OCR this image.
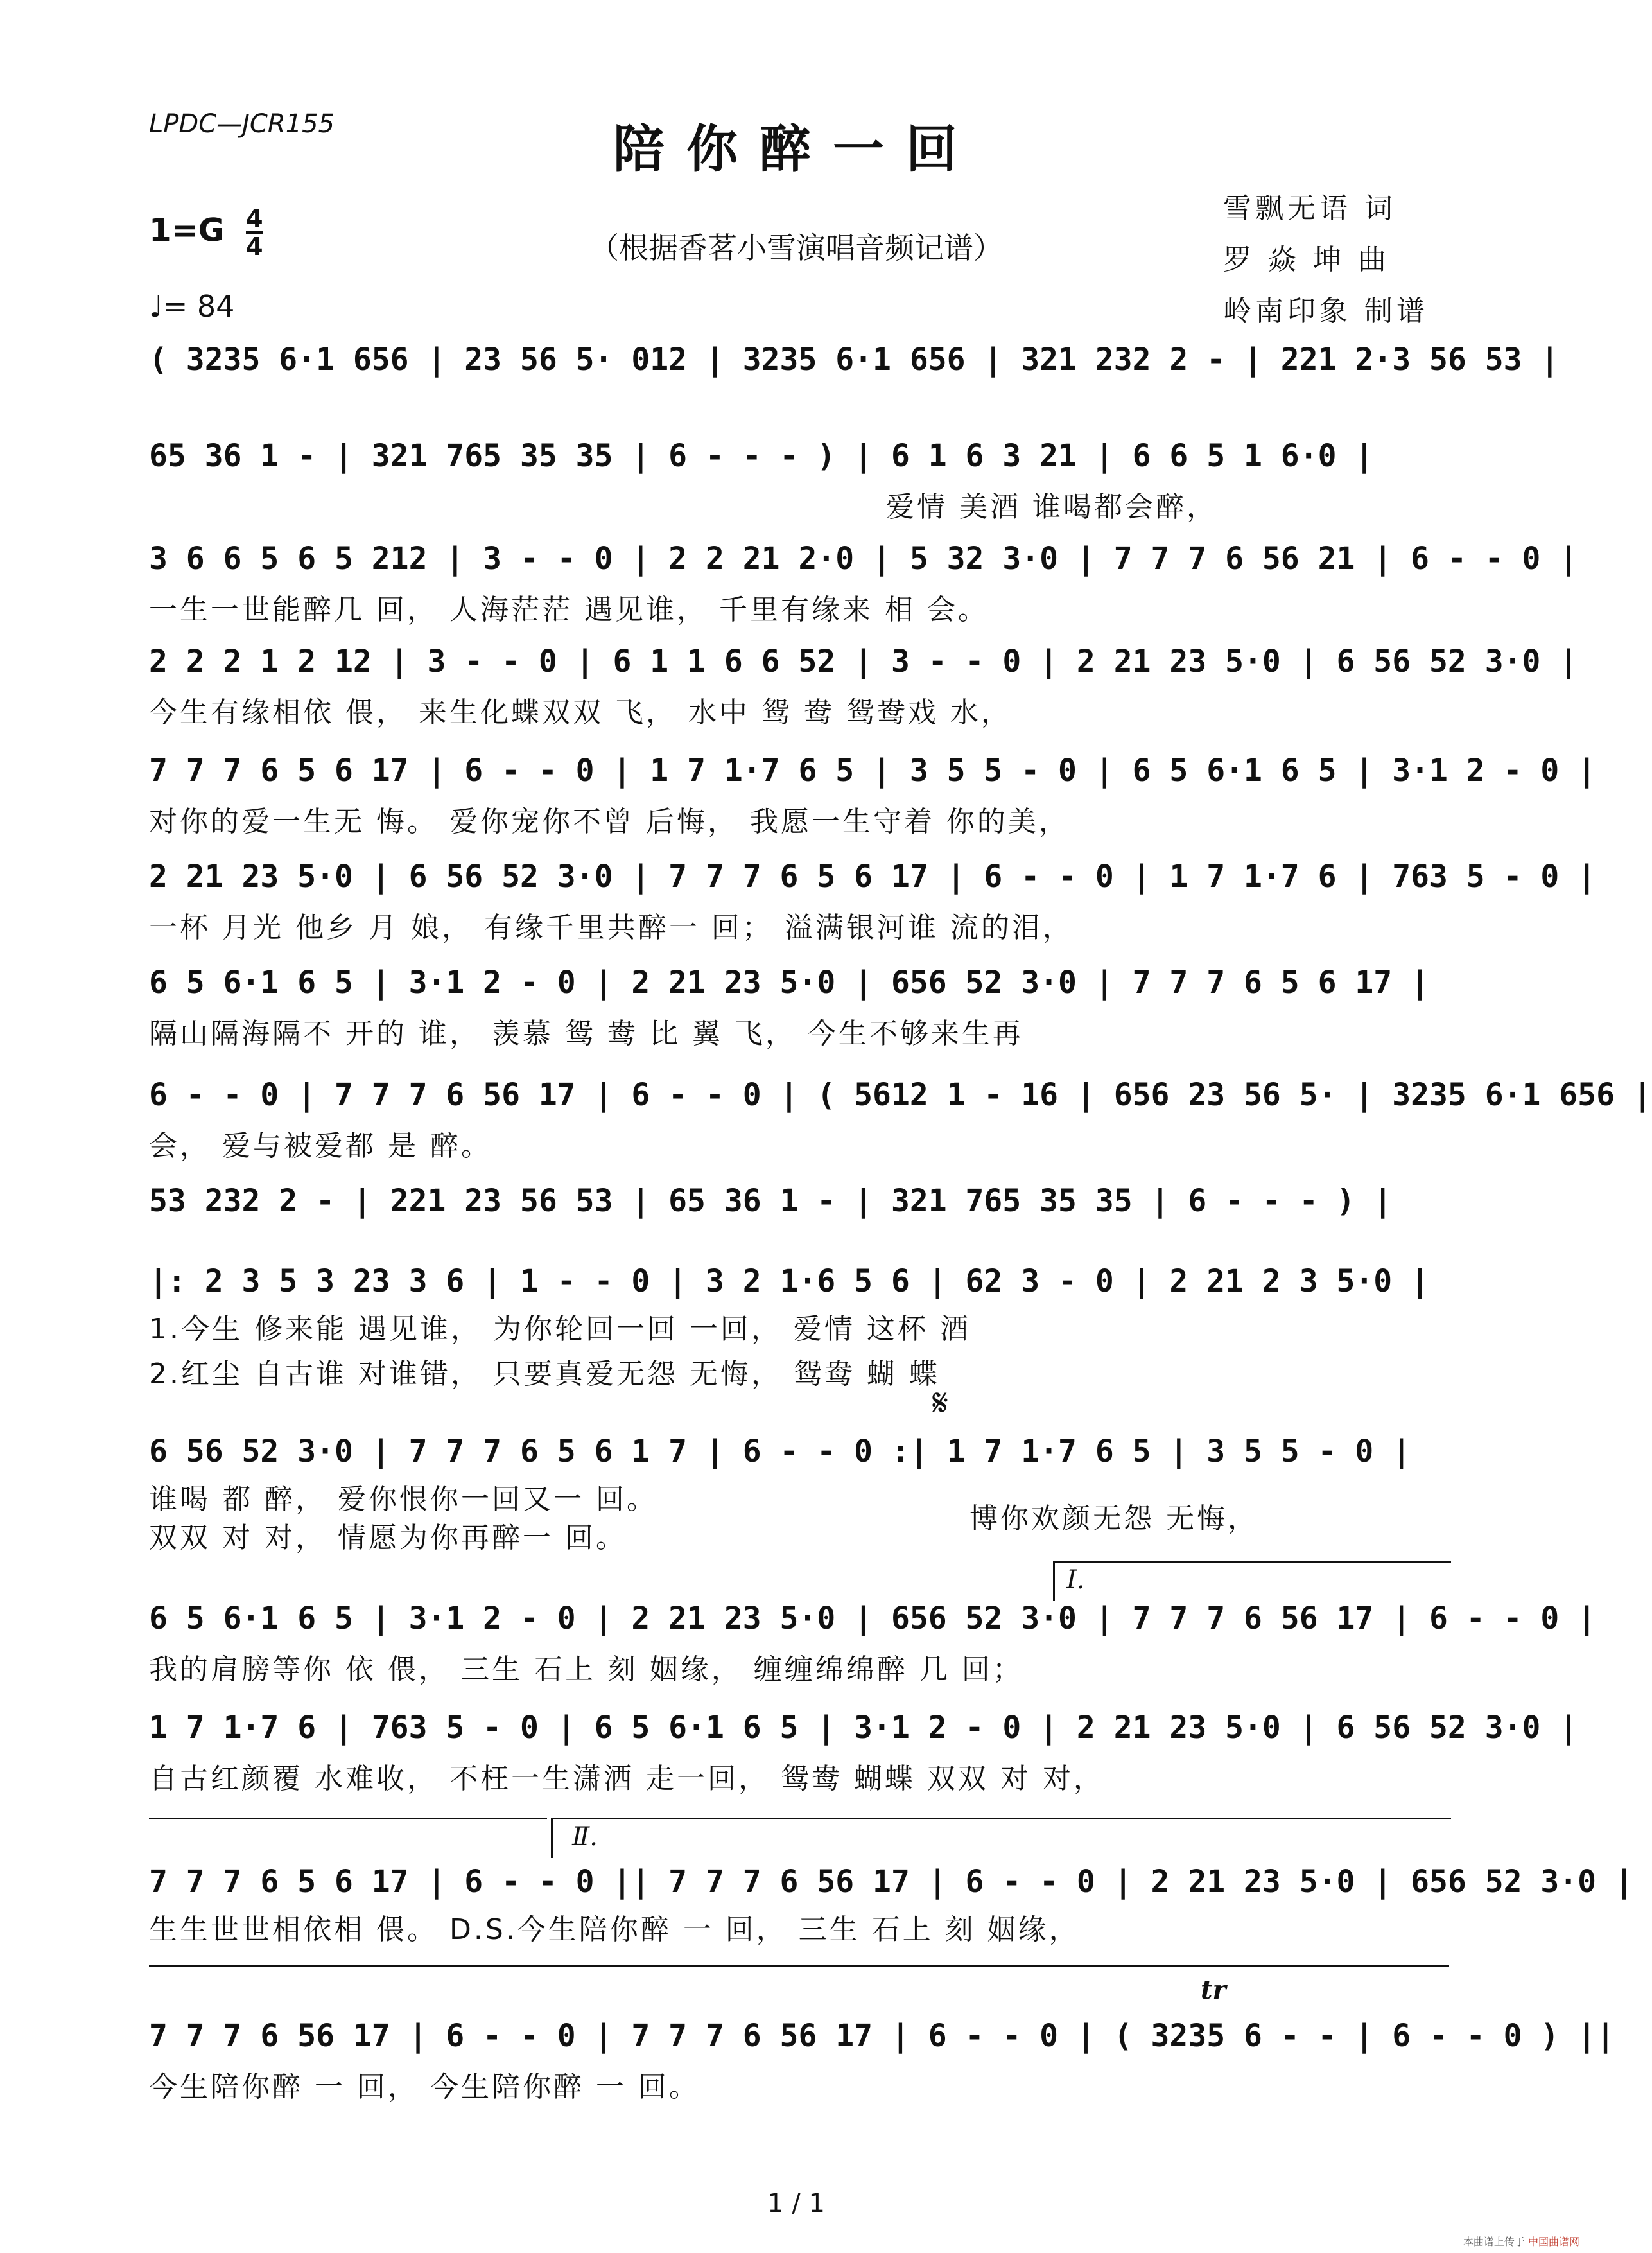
LPDC—JCR155	陪你醉一回
$1=G \frac{4}{4}$
♩= 84
（根据香茗小雪演唱音频记谱）
雪飘无语 词
罗 焱 坤 曲
岭南印象 制谱
( 3235 6·1 656 | 23 56 5· 012 | 3235 6·1 656 | 321 232 2 - | 221 2·3 56 53 |
65 36 1 - | 321 765 35 35 | 6 - - - ) | 6 1 6 3 21 | 6 6 5 1 6·0 |
爱情 美酒 谁喝都会醉，
3 6 6 5 6 5 212 | 3 - - 0 | 2 2 21 2·0 | 5 32 3·0 | 7 7 7 6 56 21 | 6 - - 0 |
一生一世能醉几 回， 人海茫茫 遇见谁， 千里有缘来 相 会。
2 2 2 1 2 12 | 3 - - 0 | 6 1 1 6 6 52 | 3 - - 0 | 2 21 23 5·0 | 6 56 52 3·0 |
今生有缘相依 偎， 来生化蝶双双 飞， 水中 鸳 鸯 鸳鸯戏 水，
7 7 7 6 5 6 17 | 6 - - 0 | 1 7 1·7 6 5 | 3 5 5 - 0 | 6 5 6·1 6 5 | 3·1 2 - 0 |
对你的爱一生无 悔。 爱你宠你不曾 后悔， 我愿一生守着 你的美，
2 21 23 5·0 | 6 56 52 3·0 | 7 7 7 6 5 6 17 | 6 - - 0 | 1 7 1·7 6 | 763 5 - 0 |
一杯 月光 他乡 月 娘， 有缘千里共醉一 回； 溢满银河谁 流的泪，
6 5 6·1 6 5 | 3·1 2 - 0 | 2 21 23 5·0 | 656 52 3·0 | 7 7 7 6 5 6 17 |
隔山隔海隔不 开的 谁， 羡慕 鸳 鸯 比 翼 飞， 今生不够来生再
6 - - 0 | 7 7 7 6 56 17 | 6 - - 0 | ( 5612 1 - 16 | 656 23 56 5· | 3235 6·1 656 |
会， 爱与被爱都 是 醉。
53 232 2 - | 221 23 56 53 | 65 36 1 - | 321 765 35 35 | 6 - - - ) |
|: 2 3 5 3 23 3 6 | 1 - - 0 | 3 2 1·6 5 6 | 62 3 - 0 | 2 21 2 3 5·0 |
1.今生 修来能 遇见谁， 为你轮回一回 一回， 爱情 这杯 酒
2.红尘 自古谁 对谁错， 只要真爱无怨 无悔， 鸳鸯 蝴 蝶
𝄋
6 56 52 3·0 | 7 7 7 6 5 6 1 7 | 6 - - 0 :| 1 7 1·7 6 5 | 3 5 5 - 0 |
谁喝 都 醉， 爱你恨你一回又一 回。
双双 对 对， 情愿为你再醉一 回。
博你欢颜无怨 无悔，
Ⅰ.
6 5 6·1 6 5 | 3·1 2 - 0 | 2 21 23 5·0 | 656 52 3·0 | 7 7 7 6 56 17 | 6 - - 0 |
我的肩膀等你 依 偎， 三生 石上 刻 姻缘， 缠缠绵绵醉 几 回；
1 7 1·7 6 | 763 5 - 0 | 6 5 6·1 6 5 | 3·1 2 - 0 | 2 21 23 5·0 | 6 56 52 3·0 |
自古红颜覆 水难收， 不枉一生潇洒 走一回， 鸳鸯 蝴蝶 双双 对 对，
Ⅱ.
7 7 7 6 5 6 17 | 6 - - 0 || 7 7 7 6 56 17 | 6 - - 0 | 2 21 23 5·0 | 656 52 3·0 |
生生世世相依相 偎。 D.S.今生陪你醉 一 回， 三生 石上 刻 姻缘，
tr
7 7 7 6 56 17 | 6 - - 0 | 7 7 7 6 56 17 | 6 - - 0 | ( 3235 6 - - | 6 - - 0 ) ||
今生陪你醉 一 回， 今生陪你醉 一 回。
1 / 1
本曲谱上传于 中国曲谱网
